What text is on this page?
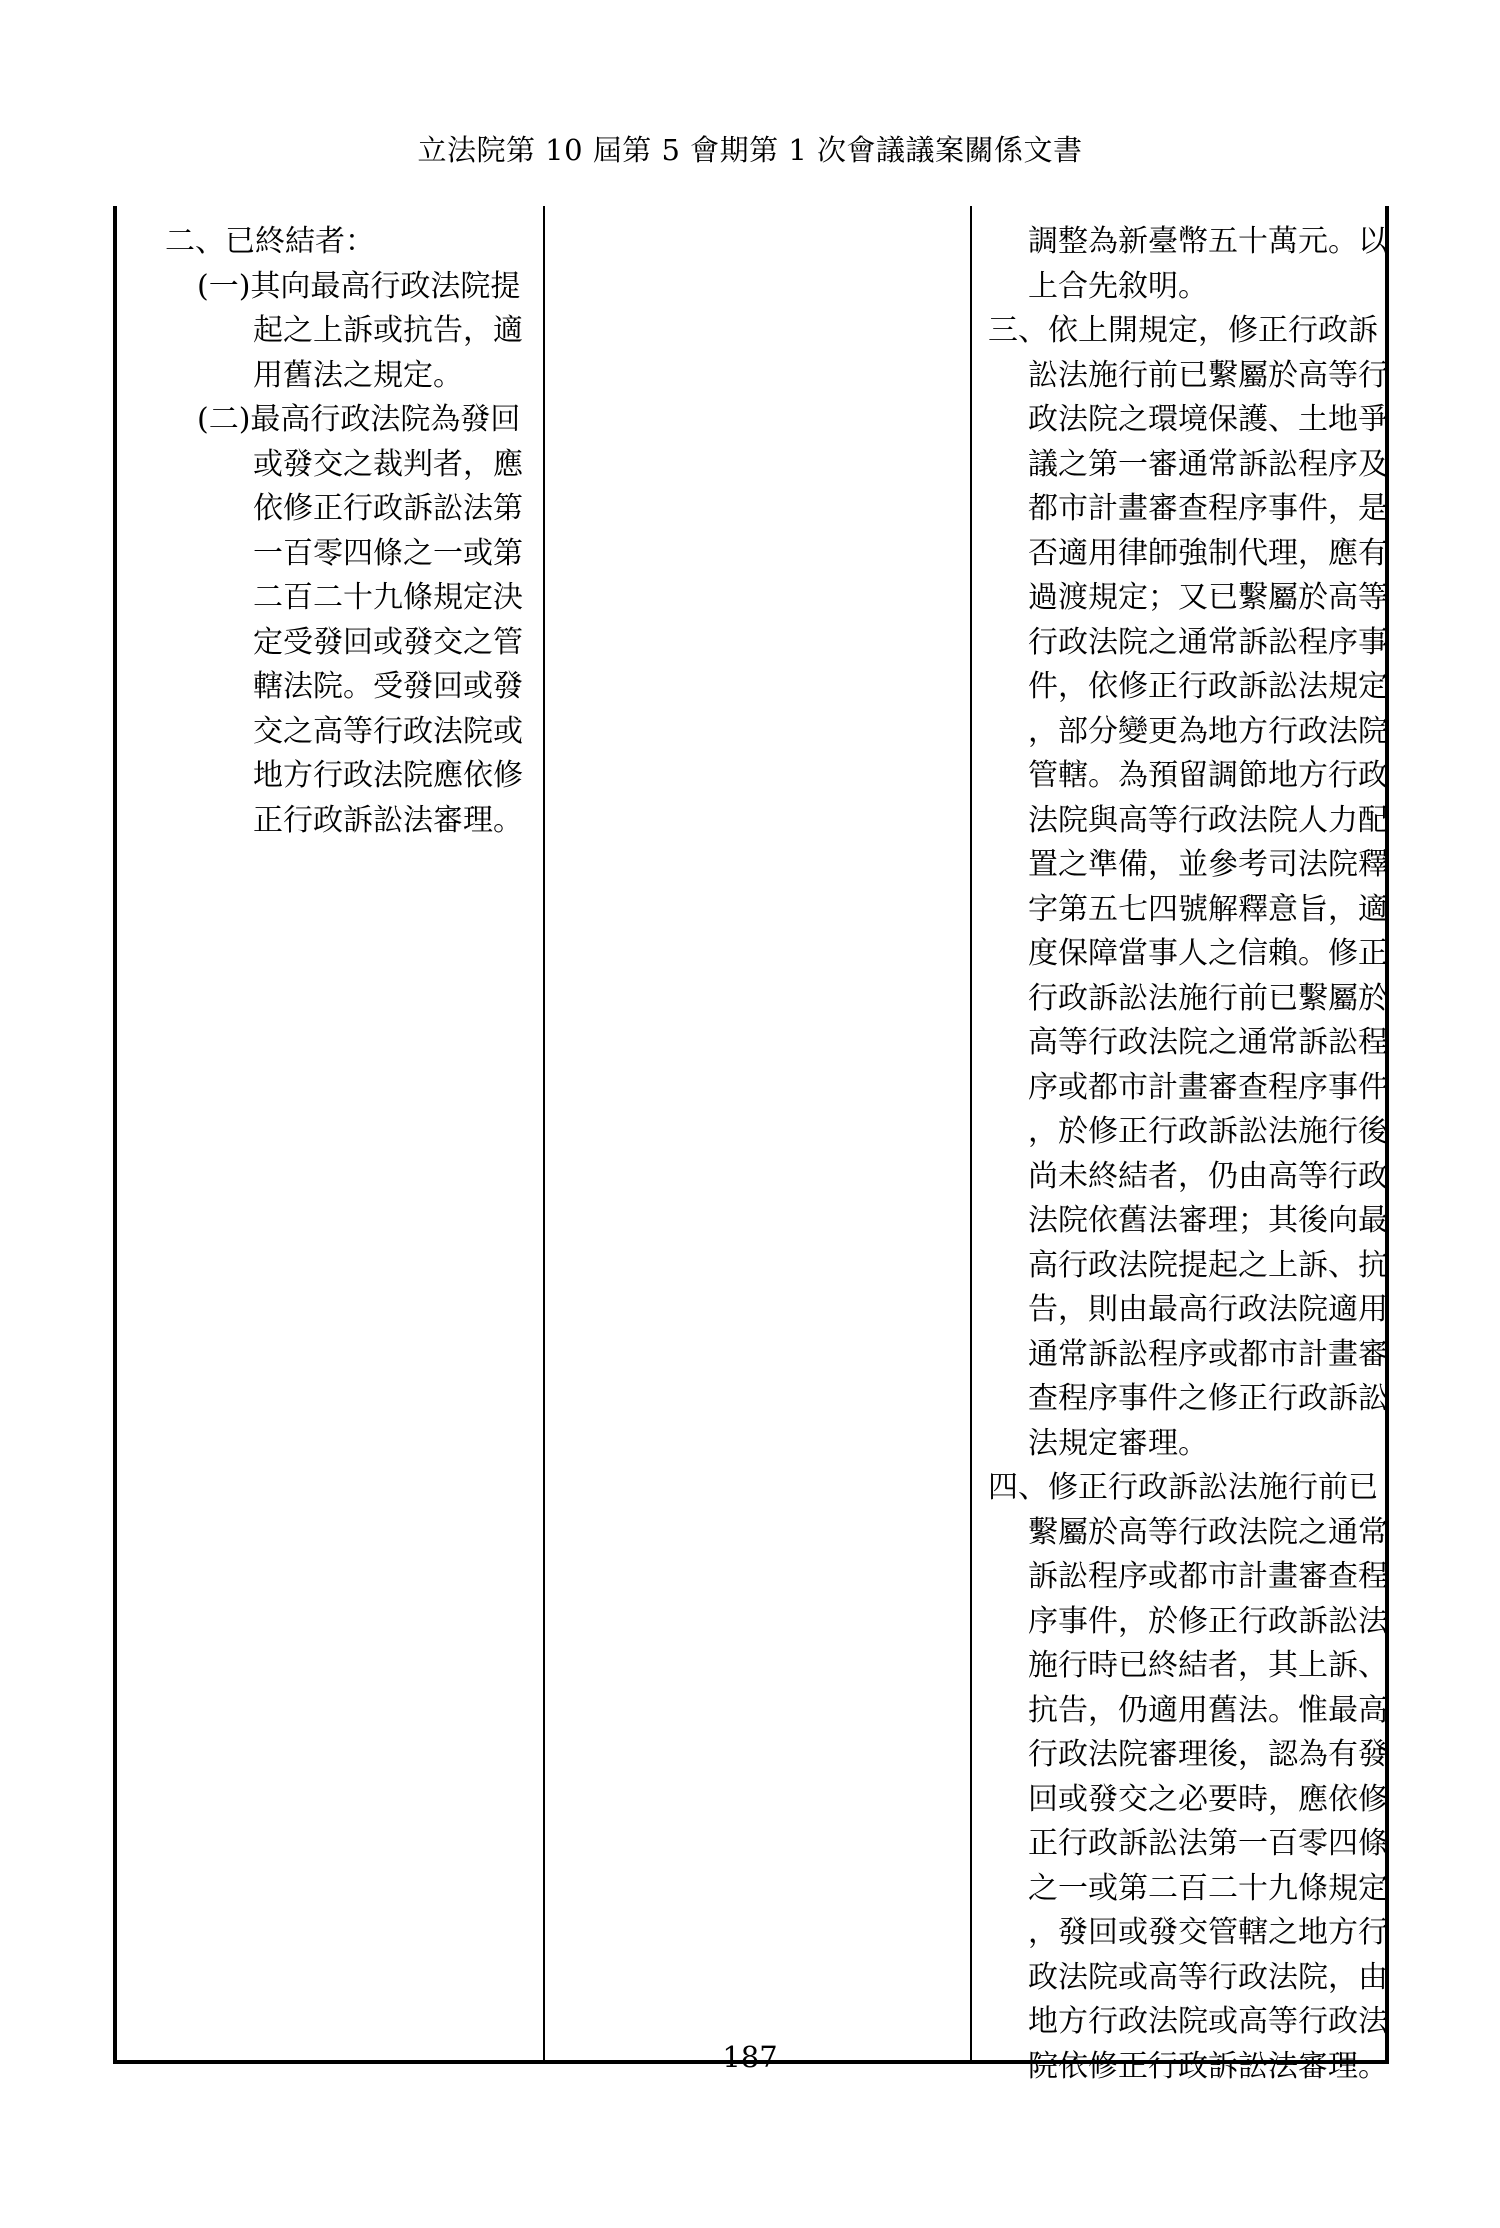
立法院第 10 屆第 5 會期第 1 次會議議案關係文書
二、已終結者：
(一)其向最高行政法院提
起之上訴或抗告，適
用舊法之規定。
(二)最高行政法院為發回
或發交之裁判者，應
依修正行政訴訟法第
一百零四條之一或第
二百二十九條規定決
定受發回或發交之管
轄法院。受發回或發
交之高等行政法院或
地方行政法院應依修
正行政訴訟法審理。
調整為新臺幣五十萬元。以
上合先敘明。
三、依上開規定，修正行政訴
訟法施行前已繫屬於高等行
政法院之環境保護、土地爭
議之第一審通常訴訟程序及
都市計畫審查程序事件，是
否適用律師強制代理，應有
過渡規定；又已繫屬於高等
行政法院之通常訴訟程序事
件，依修正行政訴訟法規定
，部分變更為地方行政法院
管轄。為預留調節地方行政
法院與高等行政法院人力配
置之準備，並參考司法院釋
字第五七四號解釋意旨，適
度保障當事人之信賴。修正
行政訴訟法施行前已繫屬於
高等行政法院之通常訴訟程
序或都市計畫審查程序事件
，於修正行政訴訟法施行後
尚未終結者，仍由高等行政
法院依舊法審理；其後向最
高行政法院提起之上訴、抗
告，則由最高行政法院適用
通常訴訟程序或都市計畫審
查程序事件之修正行政訴訟
法規定審理。
四、修正行政訴訟法施行前已
繫屬於高等行政法院之通常
訴訟程序或都市計畫審查程
序事件，於修正行政訴訟法
施行時已終結者，其上訴、
抗告，仍適用舊法。惟最高
行政法院審理後，認為有發
回或發交之必要時，應依修
正行政訴訟法第一百零四條
之一或第二百二十九條規定
，發回或發交管轄之地方行
政法院或高等行政法院，由
地方行政法院或高等行政法
院依修正行政訴訟法審理。
187
